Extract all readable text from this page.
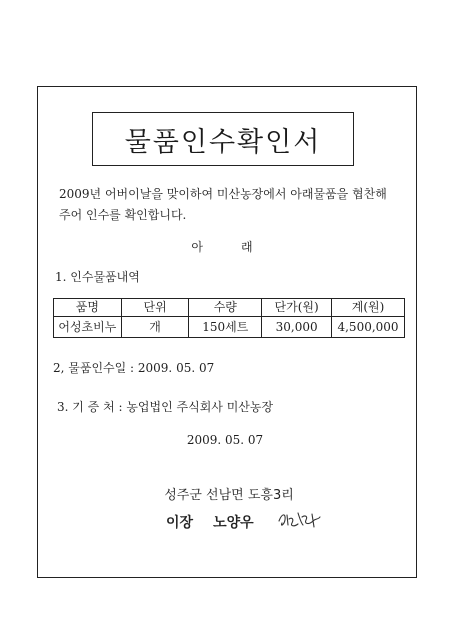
물품인수확인서
2009년 어버이날을 맞이하여 미산농장에서 아래물품을 협찬해
주어 인수를 확인합니다.
아래
1. 인수물품내역
품명	단위	수량	단가(원)	계(원)
어성초비누	개	150세트	30,000	4,500,000
2, 물품인수일 : 2009. 05. 07
3. 기 증 처 : 농업법인 주식회사 미산농장
2009. 05. 07
성주군 선남면 도흥3리
이장 노양우
